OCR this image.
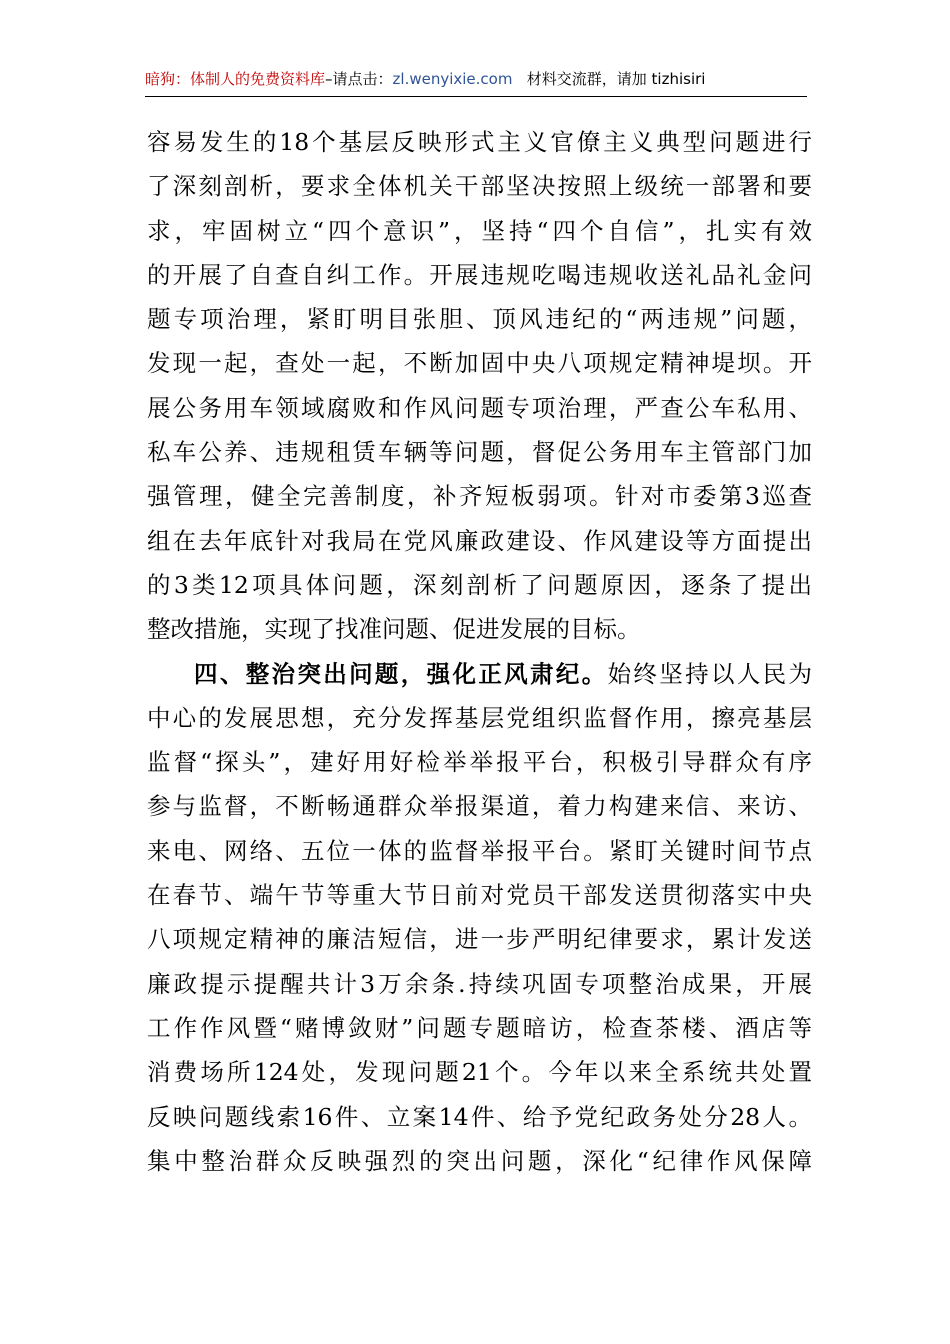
暗狗：体制人的免费资料库–请点击：zl.wenyixie.com 材料交流群，请加 tizhisiri
容易发生的18个基层反映形式主义官僚主义典型问题进行
了深刻剖析，要求全体机关干部坚决按照上级统一部署和要
求，牢固树立“四个意识”，坚持“四个自信”，扎实有效
的开展了自查自纠工作。开展违规吃喝违规收送礼品礼金问
题专项治理，紧盯明目张胆、顶风违纪的“两违规”问题，
发现一起，查处一起，不断加固中央八项规定精神堤坝。开
展公务用车领域腐败和作风问题专项治理，严查公车私用、
私车公养、违规租赁车辆等问题，督促公务用车主管部门加
强管理，健全完善制度，补齐短板弱项。针对市委第3巡查
组在去年底针对我局在党风廉政建设、作风建设等方面提出
的3类12项具体问题，深刻剖析了问题原因，逐条了提出
整改措施，实现了找准问题、促进发展的目标。
四、整治突出问题，强化正风肃纪。始终坚持以人民为
中心的发展思想，充分发挥基层党组织监督作用，擦亮基层
监督“探头”，建好用好检举举报平台，积极引导群众有序
参与监督，不断畅通群众举报渠道，着力构建来信、来访、
来电、网络、五位一体的监督举报平台。紧盯关键时间节点
在春节、端午节等重大节日前对党员干部发送贯彻落实中央
八项规定精神的廉洁短信，进一步严明纪律要求，累计发送
廉政提示提醒共计3万余条.持续巩固专项整治成果，开展
工作作风暨“赌博敛财”问题专题暗访，检查茶楼、酒店等
消费场所124处，发现问题21个。今年以来全系统共处置
反映问题线索16件、立案14件、给予党纪政务处分28人。
集中整治群众反映强烈的突出问题，深化“纪律作风保障
